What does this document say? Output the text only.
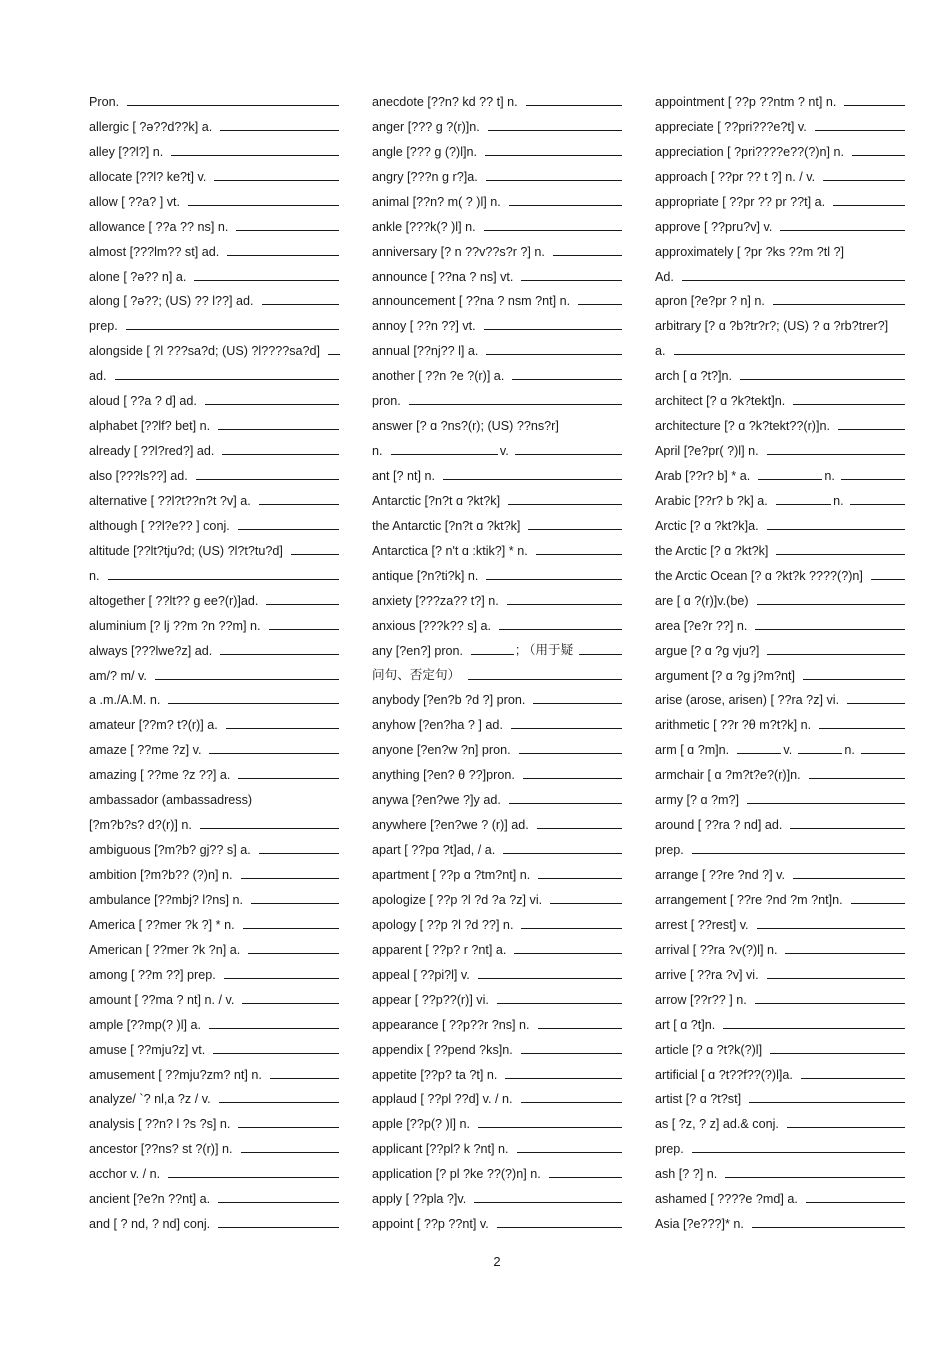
Pron.
allergic [ ?ə??d??k] a.
alley [??l?] n.
allocate [??l? ke?t] v.
allow [ ??a? ] vt.
allowance [ ??a ?? ns] n.
almost [???lm?? st] ad.
alone [ ?ə?? n] a.
along [ ?ə??; (US) ?? l??] ad.
prep.
alongside [ ?l ???sa?d; (US) ?l????sa?d]
ad.
aloud [ ??a ? d] ad.
alphabet [??lf? bet] n.
already [ ??l?red?] ad.
also [???ls??] ad.
alternative [ ??l?t??n?t ?v] a.
although [ ??l?e?? ] conj.
altitude [??lt?tju?d; (US) ?l?t?tu?d]
n.
altogether [ ??lt?? ɡ ee?(r)]ad.
aluminium [? lj ??m ?n ??m] n.
always [???lwe?z] ad.
am/? m/ v.
a .m./A.M. n.
amateur [??m? t?(r)] a.
amaze [ ??me ?z] v.
amazing [ ??me ?z ??] a.
ambassador (ambassadress)
[?m?b?s? d?(r)] n.
ambiguous [?m?b? ɡj?? s] a.
ambition [?m?b?? (?)n] n.
ambulance [??mbj? l?ns] n.
America [ ??mer ?k ?] * n.
American [ ??mer ?k ?n] a.
among [ ??m ??] prep.
amount [ ??ma ? nt] n. / v.
ample [??mp(? )l] a.
amuse [ ??mju?z] vt.
amusement [ ??mju?zm? nt] n.
analyze/ `? nl,a ?z / v.
analysis [ ??n? l ?s ?s] n.
ancestor [??ns? st ?(r)] n.
acchor v. / n.
ancient [?e?n ??nt] a.
and [ ? nd, ? nd] conj.
anecdote [??n? kd ?? t] n.
anger [??? ɡ ?(r)]n.
angle [??? ɡ (?)l]n.
angry [???n ɡ r?]a.
animal [??n? m( ? )l] n.
ankle [???k(? )l] n.
anniversary [? n ??v??s?r ?] n.
announce [ ??na ? ns] vt.
announcement [ ??na ? nsm ?nt] n.
annoy [ ??n ??] vt.
annual [??nj?? l] a.
another [ ??n ?e ?(r)] a.
pron.
answer [? ɑ ?ns?(r); (US) ??ns?r]
n.	v.
ant [? nt] n.
Antarctic [?n?t ɑ ?kt?k]
the Antarctic [?n?t ɑ ?kt?k]
Antarctica [? n't ɑ :ktik?] * n.
antique [?n?ti?k] n.
anxiety [???za?? t?] n.
anxious [???k?? s] a.
any [?en?] pron.	; （用于疑
问句、否定句）
anybody [?en?b ?d ?] pron.
anyhow [?en?ha ? ] ad.
anyone [?en?w ?n] pron.
anything [?en? θ ??]pron.
anywa [?en?we ?]y ad.
anywhere [?en?we ? (r)] ad.
apart [ ??pɑ ?t]ad, / a.
apartment [ ??p ɑ ?tm?nt] n.
apologize [ ??p ?l ?d ?a ?z] vi.
apology [ ??p ?l ?d ??] n.
apparent [ ??p? r ?nt] a.
appeal [ ??pi?l] v.
appear [ ??p??(r)] vi.
appearance [ ??p??r ?ns] n.
appendix [ ??pend ?ks]n.
appetite [??p? ta ?t] n.
applaud [ ??pl ??d] v. / n.
apple [??p(? )l] n.
applicant [??pl? k ?nt] n.
application [? pl ?ke ??(?)n] n.
apply [ ??pla ?]v.
appoint [ ??p ??nt] v.
appointment [ ??p ??ntm ? nt] n.
appreciate [ ??pri???e?t] v.
appreciation [ ?pri????e??(?)n] n.
approach [ ??pr ?? t ?] n. / v.
appropriate [ ??pr ?? pr ??t] a.
approve [ ??pru?v] v.
approximately [ ?pr ?ks ??m ?tl ?]
Ad.
apron [?e?pr ? n] n.
arbitrary [? ɑ ?b?tr?r?; (US) ? ɑ ?rb?trer?]
a.
arch [ ɑ ?t?]n.
architect [? ɑ ?k?tekt]n.
architecture [? ɑ ?k?tekt??(r)]n.
April [?e?pr( ?)l] n.
Arab [??r? b] * a.	n.
Arabic [??r? b ?k] a.	n.
Arctic [? ɑ ?kt?k]a.
the Arctic [? ɑ ?kt?k]
the Arctic Ocean [? ɑ ?kt?k ????(?)n]
are [ ɑ ?(r)]v.(be)
area [?e?r ??] n.
argue [? ɑ ?ɡ vju?]
argument [? ɑ ?ɡ j?m?nt]
arise (arose, arisen) [ ??ra ?z] vi.
arithmetic [ ??r ?θ m?t?k] n.
arm [ ɑ ?m]n.	v.	n.
armchair [ ɑ ?m?t?e?(r)]n.
army [? ɑ ?m?]
around [ ??ra ? nd] ad.
prep.
arrange [ ??re ?nd ?] v.
arrangement [ ??re ?nd ?m ?nt]n.
arrest [ ??rest] v.
arrival [ ??ra ?v(?)l] n.
arrive [ ??ra ?v] vi.
arrow [??r?? ] n.
art [ ɑ ?t]n.
article [? ɑ ?t?k(?)l]
artificial [ ɑ ?t??f??(?)l]a.
artist [? ɑ ?t?st]
as [ ?z, ? z] ad.& conj.
prep.
ash [? ?] n.
ashamed [ ????e ?md] a.
Asia [?e???]* n.
2
